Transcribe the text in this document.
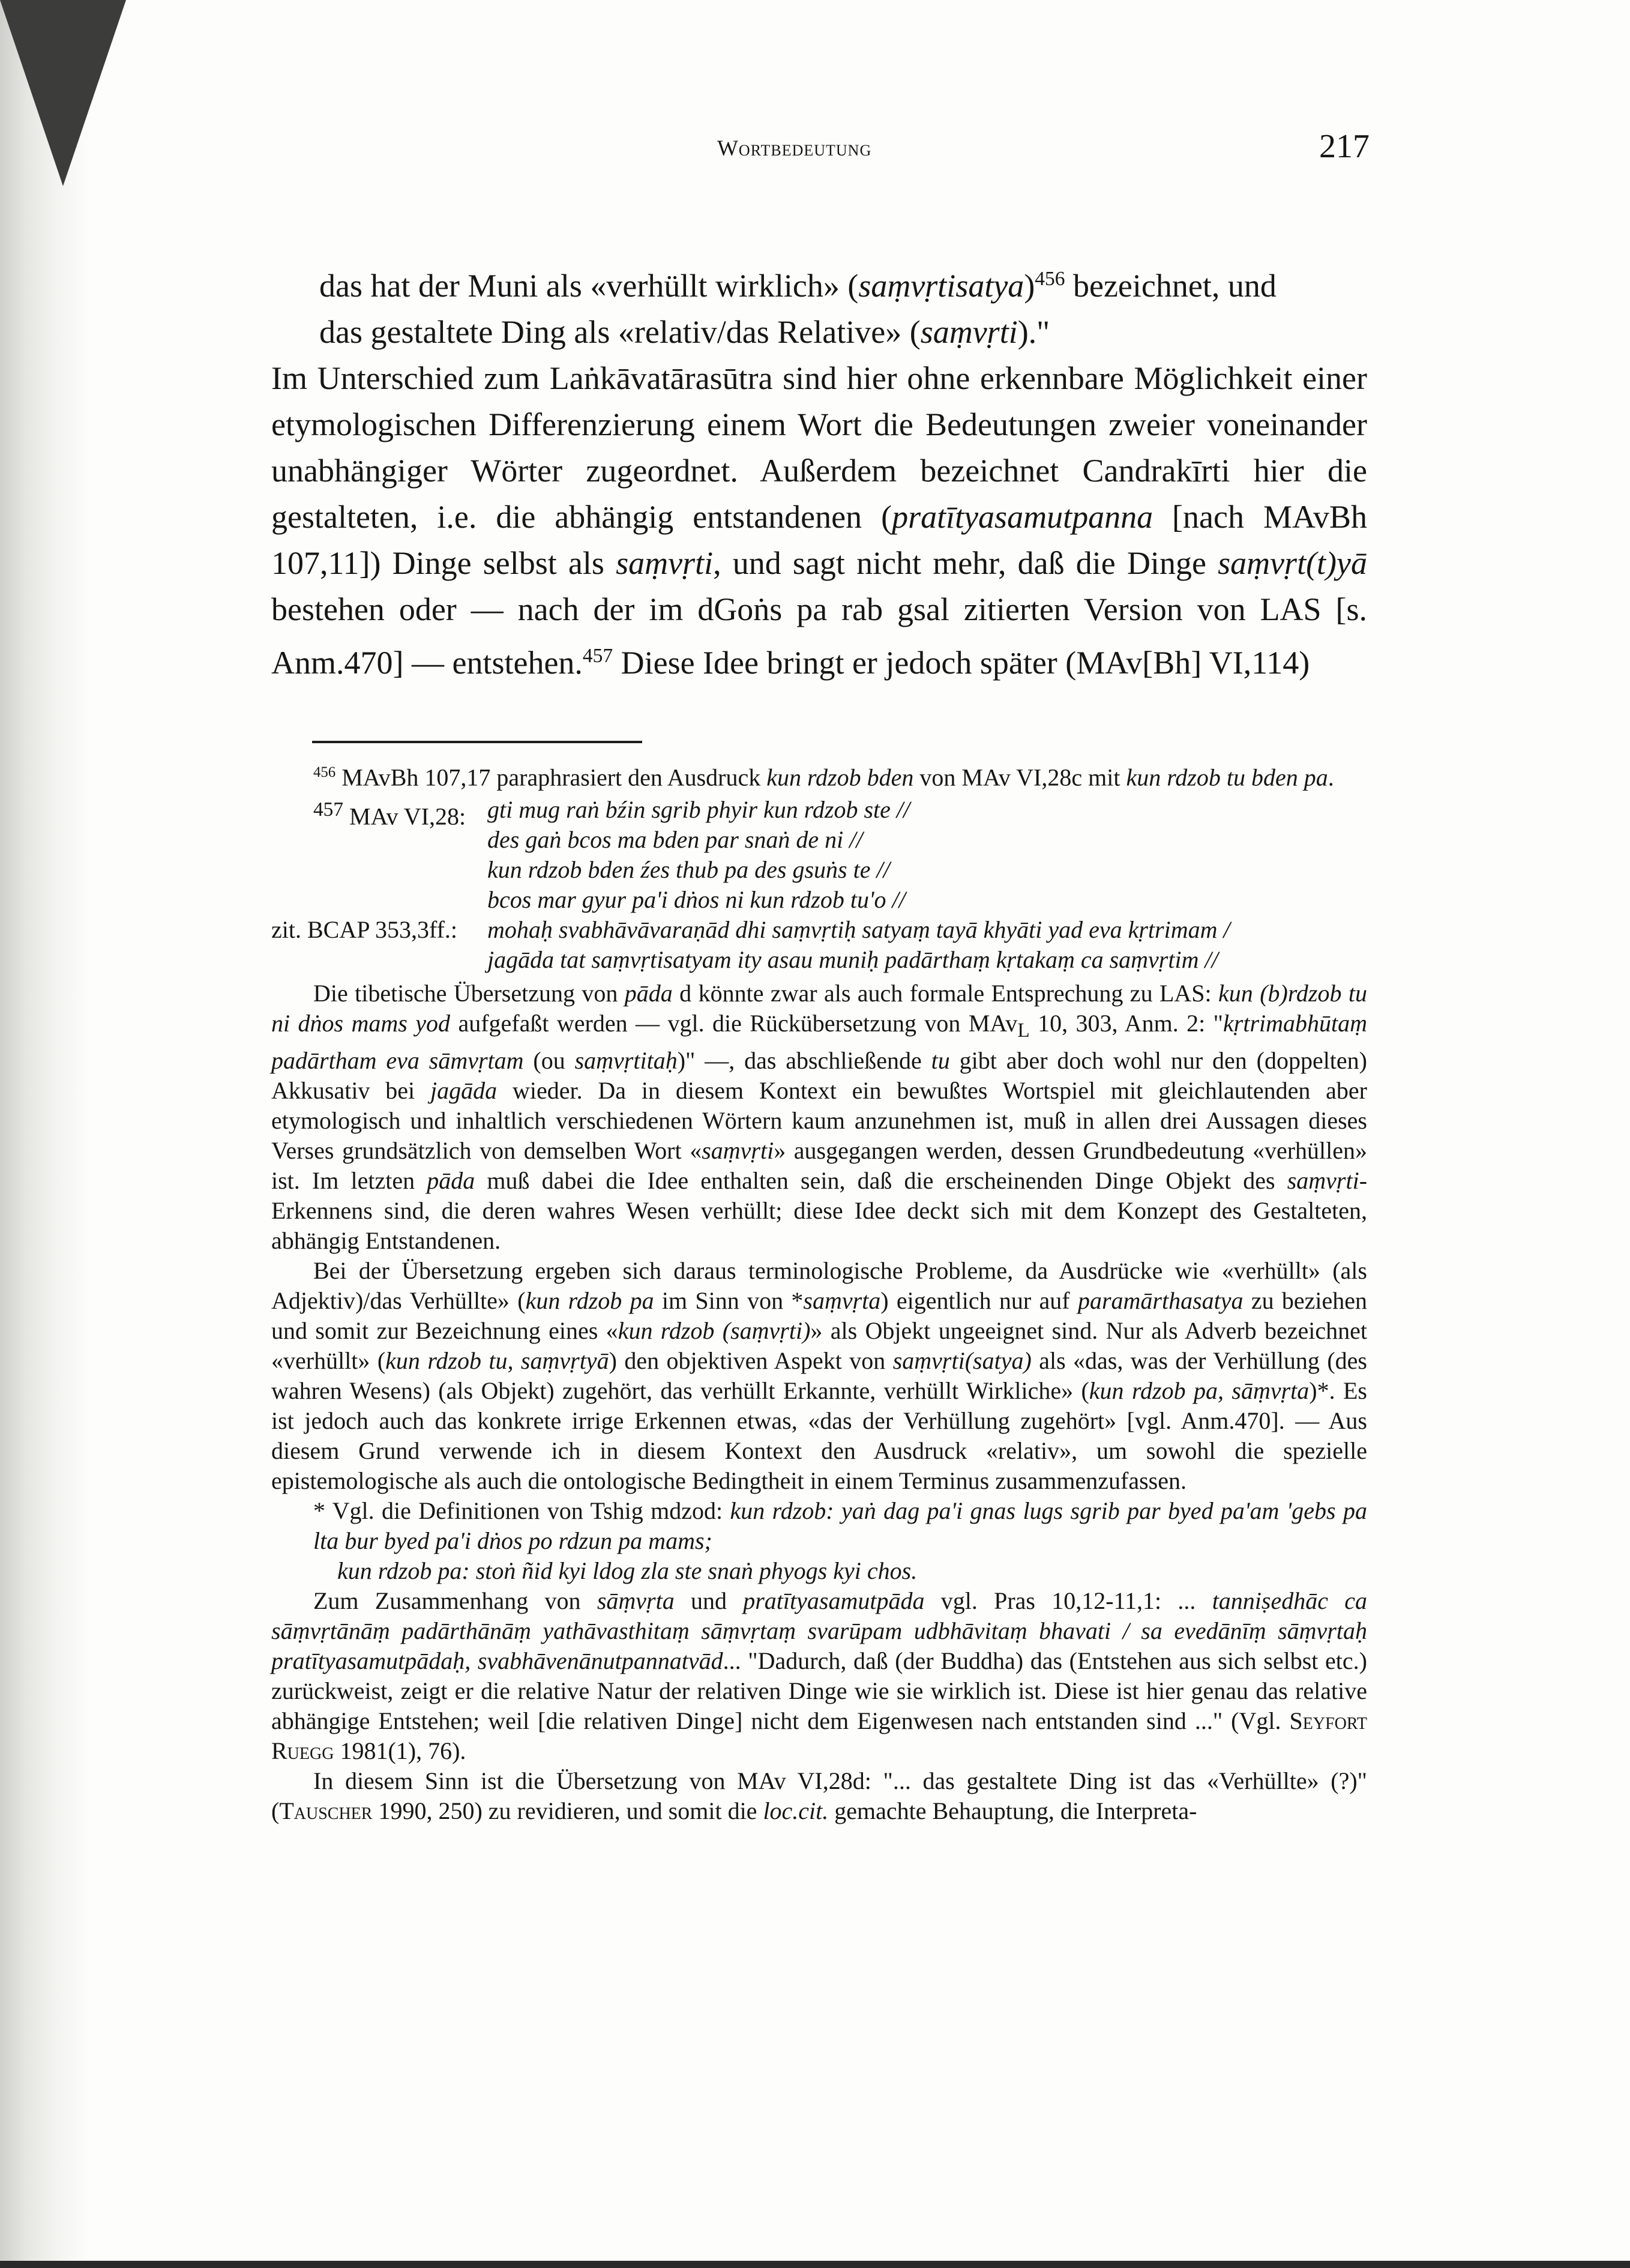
Wortbedeutung	217

das hat der Muni als «verhüllt wirklich» (saṃvṛtisatya)$^{456}$ bezeichnet, und

das gestaltete Ding als «relativ/das Relative» (saṃvṛti)."

Im Unterschied zum Laṅkāvatārasūtra sind hier ohne erkennbare Möglichkeit einer etymologischen Differenzierung einem Wort die Bedeutungen zweier voneinander unabhängiger Wörter zugeordnet. Außerdem bezeichnet Candrakīrti hier die gestalteten, i.e. die abhängig entstandenen (pratītyasamutpanna [nach MAvBh 107,11]) Dinge selbst als saṃvṛti, und sagt nicht mehr, daß die Dinge saṃvṛt(t)yā bestehen oder — nach der im dGoṅs pa rab gsal zitierten Version von LAS [s. Anm.470] — entstehen.$^{457}$ Diese Idee bringt er jedoch später (MAv[Bh] VI,114)

$^{456}$ MAvBh 107,17 paraphrasiert den Ausdruck kun rdzob bden von MAv VI,28c mit kun rdzob tu bden pa.

$^{457}$ MAv VI,28: gti mug raṅ bźin sgrib phyir kun rdzob ste //
des gaṅ bcos ma bden par snaṅ de ni //
kun rdzob bden źes thub pa des gsuṅs te //
bcos mar gyur pa'i dṅos ni kun rdzob tu'o //
zit. BCAP 353,3ff.:	mohaḥ svabhāvāvaraṇād dhi saṃvṛtiḥ satyaṃ tayā khyāti yad eva kṛtrimam /
jagāda tat saṃvṛtisatyam ity asau muniḥ padārthaṃ kṛtakaṃ ca saṃvṛtim //

Die tibetische Übersetzung von pāda d könnte zwar als auch formale Entsprechung zu LAS: kun (b)rdzob tu ni dṅos mams yod aufgefaßt werden — vgl. die Rückübersetzung von MAv$_L$ 10, 303, Anm. 2: "kṛtrimabhūtaṃ padārtham eva sāmvṛtam (ou saṃvṛtitaḥ)" —, das abschließende tu gibt aber doch wohl nur den (doppelten) Akkusativ bei jagāda wieder. Da in diesem Kontext ein bewußtes Wortspiel mit gleichlautenden aber etymologisch und inhaltlich verschiedenen Wörtern kaum anzunehmen ist, muß in allen drei Aussagen dieses Verses grundsätzlich von demselben Wort «saṃvṛti» ausgegangen werden, dessen Grundbedeutung «verhüllen» ist. Im letzten pāda muß dabei die Idee enthalten sein, daß die erscheinenden Dinge Objekt des saṃvṛti-Erkennens sind, die deren wahres Wesen verhüllt; diese Idee deckt sich mit dem Konzept des Gestalteten, abhängig Entstandenen.

Bei der Übersetzung ergeben sich daraus terminologische Probleme, da Ausdrücke wie «verhüllt» (als Adjektiv)/das Verhüllte» (kun rdzob pa im Sinn von *saṃvṛta) eigentlich nur auf paramārthasatya zu beziehen und somit zur Bezeichnung eines «kun rdzob (saṃvṛti)» als Objekt ungeeignet sind. Nur als Adverb bezeichnet «verhüllt» (kun rdzob tu, saṃvṛtyā) den objektiven Aspekt von saṃvṛti(satya) als «das, was der Verhüllung (des wahren Wesens) (als Objekt) zugehört, das verhüllt Erkannte, verhüllt Wirkliche» (kun rdzob pa, sāṃvṛta)*. Es ist jedoch auch das konkrete irrige Erkennen etwas, «das der Verhüllung zugehört» [vgl. Anm.470]. — Aus diesem Grund verwende ich in diesem Kontext den Ausdruck «relativ», um sowohl die spezielle epistemologische als auch die ontologische Bedingtheit in einem Terminus zusammenzufassen.

* Vgl. die Definitionen von Tshig mdzod: kun rdzob: yaṅ dag pa'i gnas lugs sgrib par byed pa'am 'gebs pa lta bur byed pa'i dṅos po rdzun pa mams;

kun rdzob pa: stoṅ ñid kyi ldog zla ste snaṅ phyogs kyi chos.

Zum Zusammenhang von sāṃvṛta und pratītyasamutpāda vgl. Pras 10,12-11,1: ... tanniṣedhāc ca sāṃvṛtānāṃ padārthānāṃ yathāvasthitaṃ sāṃvṛtaṃ svarūpam udbhāvitaṃ bhavati / sa evedānīṃ sāṃvṛtaḥ pratītyasamutpādaḥ, svabhāvenānutpannatvād... "Dadurch, daß (der Buddha) das (Entstehen aus sich selbst etc.) zurückweist, zeigt er die relative Natur der relativen Dinge wie sie wirklich ist. Diese ist hier genau das relative abhängige Entstehen; weil [die relativen Dinge] nicht dem Eigenwesen nach entstanden sind ..." (Vgl. Seyfort Ruegg 1981(1), 76).

In diesem Sinn ist die Übersetzung von MAv VI,28d: "... das gestaltete Ding ist das «Verhüllte» (?)" (Tauscher 1990, 250) zu revidieren, und somit die loc.cit. gemachte Behauptung, die Interpreta-
